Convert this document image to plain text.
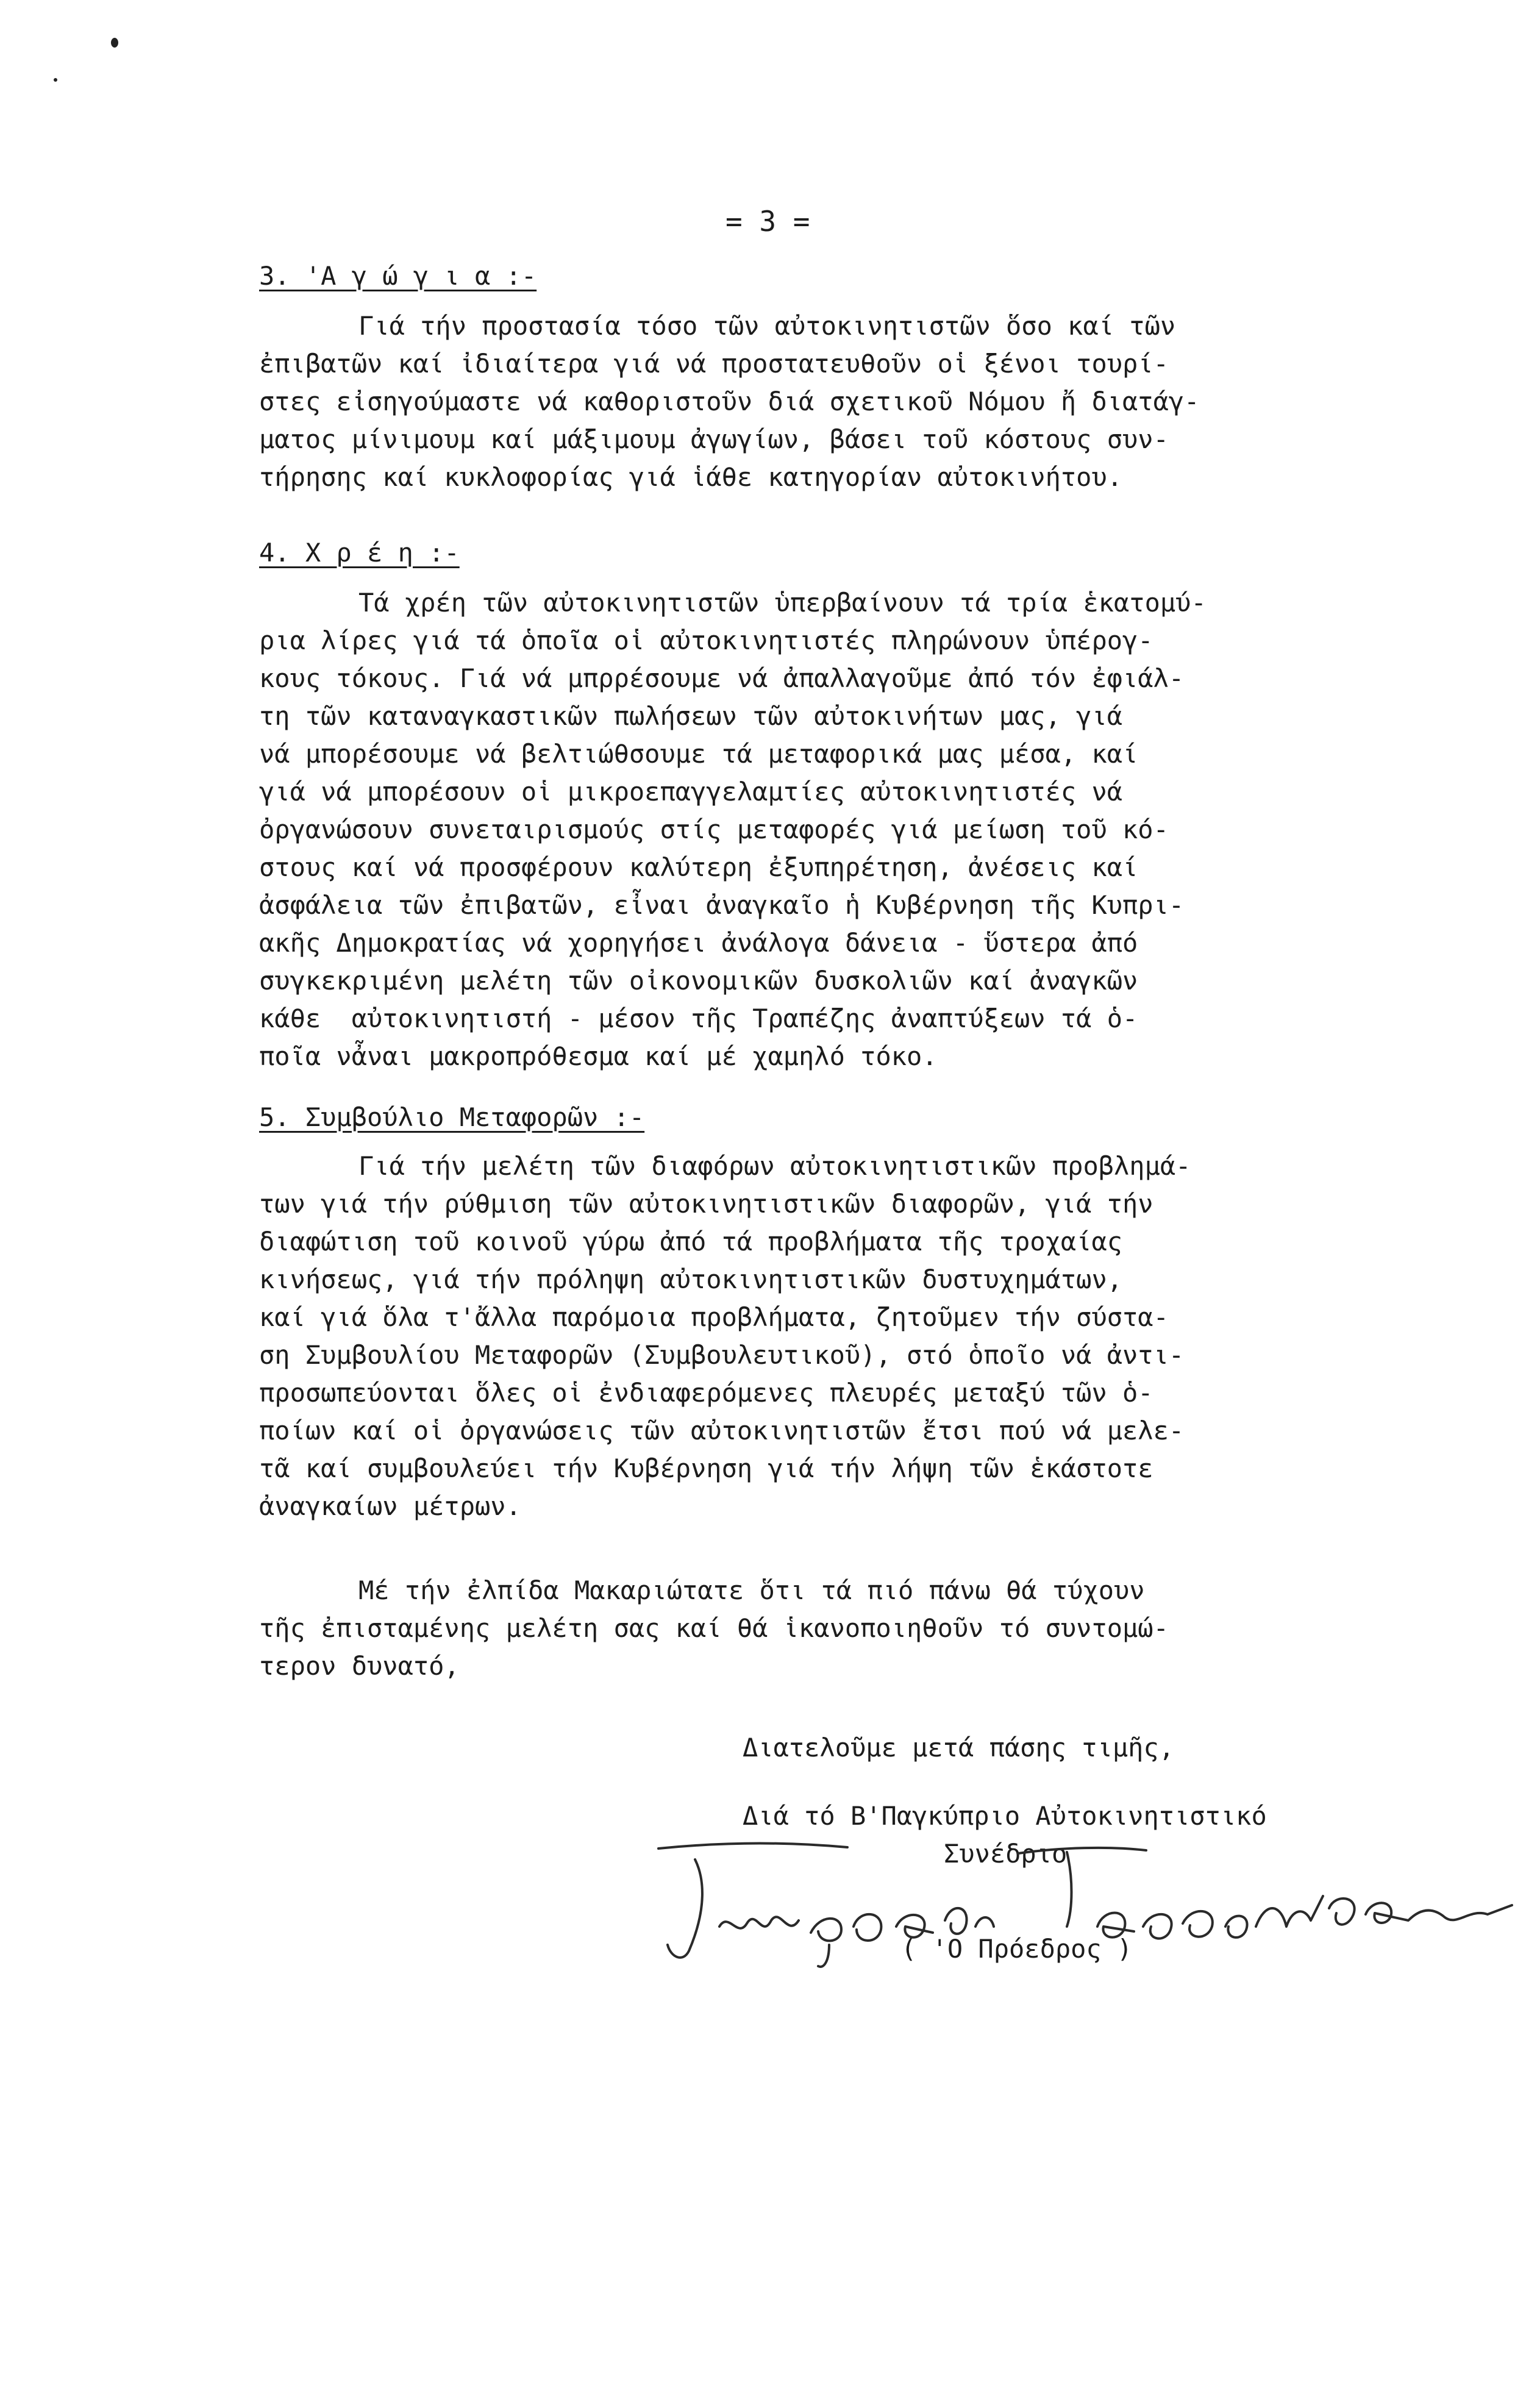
= 3 =
3. 'Α γ ώ γ ι α :-
Γιά τήν προστασία τόσο τῶν αὐτοκινητιστῶν ὅσο καί τῶν
ἐπιβατῶν καί ἰδιαίτερα γιά νά προστατευθοῦν οἱ ξένοι τουρί-
στες εἰσηγούμαστε νά καθοριστοῦν διά σχετικοῦ Νόμου ἤ διατάγ-
ματος μίνιμουμ καί μάξιμουμ ἀγωγίων, βάσει τοῦ κόστους συν-
τήρησης καί κυκλοφορίας γιά ἱάθε κατηγορίαν αὐτοκινήτου.
4. Χ ρ έ η :-
Τά χρέη τῶν αὐτοκινητιστῶν ὑπερβαίνουν τά τρία ἑκατομύ-
ρια λίρες γιά τά ὁποῖα οἱ αὐτοκινητιστές πληρώνουν ὑπέρογ-
κους τόκους. Γιά νά μπρρέσουμε νά ἀπαλλαγοῦμε ἀπό τόν ἐφιάλ-
τη τῶν καταναγκαστικῶν πωλήσεων τῶν αὐτοκινήτων μας, γιά
νά μπορέσουμε νά βελτιώθσουμε τά μεταφορικά μας μέσα, καί
γιά νά μπορέσουν οἱ μικροεπαγγελαμτίες αὐτοκινητιστές νά
ὀργανώσουν συνεταιρισμούς στίς μεταφορές γιά μείωση τοῦ κό-
στους καί νά προσφέρουν καλύτερη ἐξυπηρέτηση, ἀνέσεις καί
ἀσφάλεια τῶν ἐπιβατῶν, εἶναι ἀναγκαῖο ἡ Κυβέρνηση τῆς Κυπρι-
ακῆς Δημοκρατίας νά χορηγήσει ἀνάλογα δάνεια - ὕστερα ἀπό
συγκεκριμένη μελέτη τῶν οἰκονομικῶν δυσκολιῶν καί ἀναγκῶν
κάθε  αὐτοκινητιστή - μέσον τῆς Τραπέζης ἀναπτύξεων τά ὁ-
ποῖα νἆναι μακροπρόθεσμα καί μέ χαμηλό τόκο.
5. Συμβούλιο Μεταφορῶν :-
Γιά τήν μελέτη τῶν διαφόρων αὐτοκινητιστικῶν προβλημά-
των γιά τήν ρύθμιση τῶν αὐτοκινητιστικῶν διαφορῶν, γιά τήν
διαφώτιση τοῦ κοινοῦ γύρω ἀπό τά προβλήματα τῆς τροχαίας
κινήσεως, γιά τήν πρόληψη αὐτοκινητιστικῶν δυστυχημάτων,
καί γιά ὅλα τ'ἄλλα παρόμοια προβλήματα, ζητοῦμεν τήν σύστα-
ση Συμβουλίου Μεταφορῶν (Συμβουλευτικοῦ), στό ὁποῖο νά ἀντι-
προσωπεύονται ὅλες οἱ ἐνδιαφερόμενες πλευρές μεταξύ τῶν ὁ-
ποίων καί οἱ ὀργανώσεις τῶν αὐτοκινητιστῶν ἔτσι πού νά μελε-
τᾶ καί συμβουλεύει τήν Κυβέρνηση γιά τήν λήψη τῶν ἑκάστοτε
ἀναγκαίων μέτρων.
Μέ τήν ἐλπίδα Μακαριώτατε ὅτι τά πιό πάνω θά τύχουν
τῆς ἐπισταμένης μελέτη σας καί θά ἱκανοποιηθοῦν τό συντομώ-
τερον δυνατό,
Διατελοῦμε μετά πάσης τιμῆς,
Διά τό Β'Παγκύπριο Αὐτοκινητιστικό
Συνέδριο
( 'Ο Πρόεδρος )
